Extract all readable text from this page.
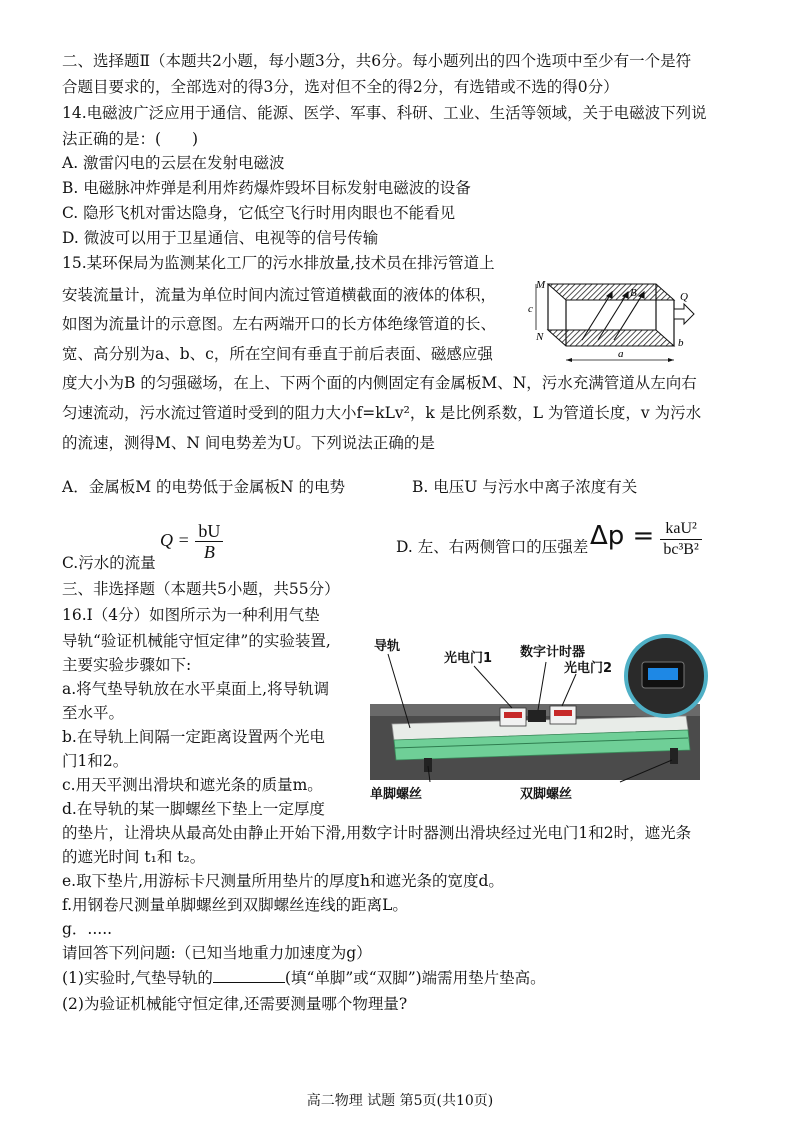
二、选择题Ⅱ（本题共2小题，每小题3分，共6分。每小题列出的四个选项中至少有一个是符
合题目要求的，全部选对的得3分，选对但不全的得2分，有选错或不选的得0分）
14.电磁波广泛应用于通信、能源、医学、军事、科研、工业、生活等领域，关于电磁波下列说
法正确的是：(　　)
A. 激雷闪电的云层在发射电磁波
B. 电磁脉冲炸弹是利用炸药爆炸毁坏目标发射电磁波的设备
C. 隐形飞机对雷达隐身，它低空飞行时用肉眼也不能看见
D. 微波可以用于卫星通信、电视等的信号传输
15.某环保局为监测某化工厂的污水排放量,技术员在排污管道上
安装流量计，流量为单位时间内流过管道横截面的液体的体积，
如图为流量计的示意图。左右两端开口的长方体绝缘管道的长、
宽、高分别为a、b、c，所在空间有垂直于前后表面、磁感应强
度大小为B 的匀强磁场，在上、下两个面的内侧固定有金属板M、N，污水充满管道从左向右
匀速流动，污水流过管道时受到的阻力大小f=kLv²，k 是比例系数，L 为管道长度，v 为污水
的流速，测得M、N 间电势差为U。下列说法正确的是
M
N
c
B	Q
a
b
A．金属板M 的电势低于金属板N 的电势	B. 电压U 与污水中离子浓度有关
C.污水的流量
$Q = \frac{bU}{B}$	D. 左、右两侧管口的压强差 $\Delta p = \frac{\text{kaU²}}{\text{bc³B²}}$
三、非选择题（本题共5小题，共55分）
16.Ⅰ（4分）如图所示为一种利用气垫
导轨“验证机械能守恒定律”的实验装置,
主要实验步骤如下:
a.将气垫导轨放在水平桌面上,将导轨调
至水平。
b.在导轨上间隔一定距离设置两个光电
门1和2。
c.用天平测出滑块和遮光条的质量m。
d.在导轨的某一脚螺丝下垫上一定厚度
的垫片，让滑块从最高处由静止开始下滑,用数字计时器测出滑块经过光电门1和2时，遮光条
的遮光时间 t₁和 t₂。
e.取下垫片,用游标卡尺测量所用垫片的厚度h和遮光条的宽度d。
f.用钢卷尺测量单脚螺丝到双脚螺丝连线的距离L。
g．.....
请回答下列问题:（已知当地重力加速度为g）
(1)实验时,气垫导轨的	(填“单脚”或“双脚”)端需用垫片垫高。
(2)为验证机械能守恒定律,还需要测量哪个物理量?
导轨
光电门1 数字计时器
光电门2
单脚螺丝	双脚螺丝
高二物理 试题 第5页(共10页)
